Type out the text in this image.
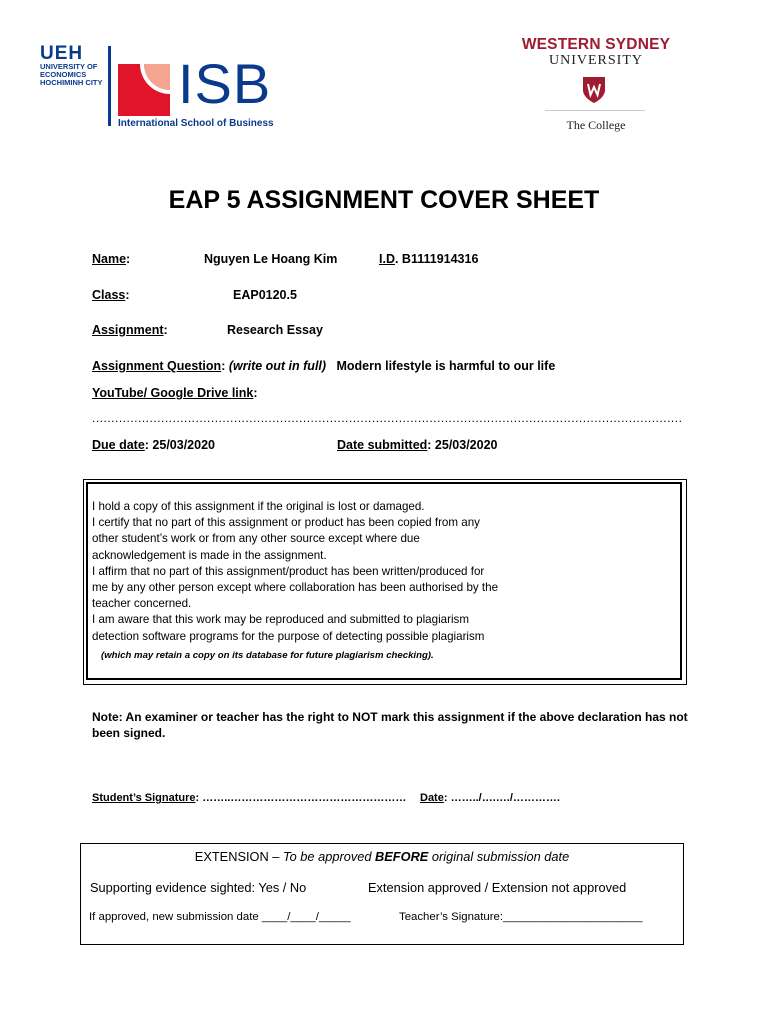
UEH
UNIVERSITY OF
ECONOMICS
HOCHIMINH CITY ISB
International School of Business
WESTERN SYDNEY
UNIVERSITY
The College
EAP 5 ASSIGNMENT COVER SHEET
Name:	Nguyen Le Hoang Kim	I.D. B1111914316
Class:	EAP0120.5
Assignment:	Research Essay
Assignment Question: (write out in full) Modern lifestyle is harmful to our life
YouTube/ Google Drive link:
..........................................................................................................................................................
Due date: 25/03/2020	Date submitted: 25/03/2020
I hold a copy of this assignment if the original is lost or damaged.
I certify that no part of this assignment or product has been copied from any
other student’s work or from any other source except where due
acknowledgement is made in the assignment.
I affirm that no part of this assignment/product has been written/produced for
me by any other person except where collaboration has been authorised by the
teacher concerned.
I am aware that this work may be reproduced and submitted to plagiarism
detection software programs for the purpose of detecting possible plagiarism
(which may retain a copy on its database for future plagiarism checking).
Note: An examiner or teacher has the right to NOT mark this assignment if the above declaration has not been signed.
Student’s Signature: ……..………………………………………… Date: ……../….…./………….
EXTENSION – To be approved BEFORE original submission date
Supporting evidence sighted: Yes / No	Extension approved / Extension not approved
If approved, new submission date ____/____/_____	Teacher’s Signature:______________________
